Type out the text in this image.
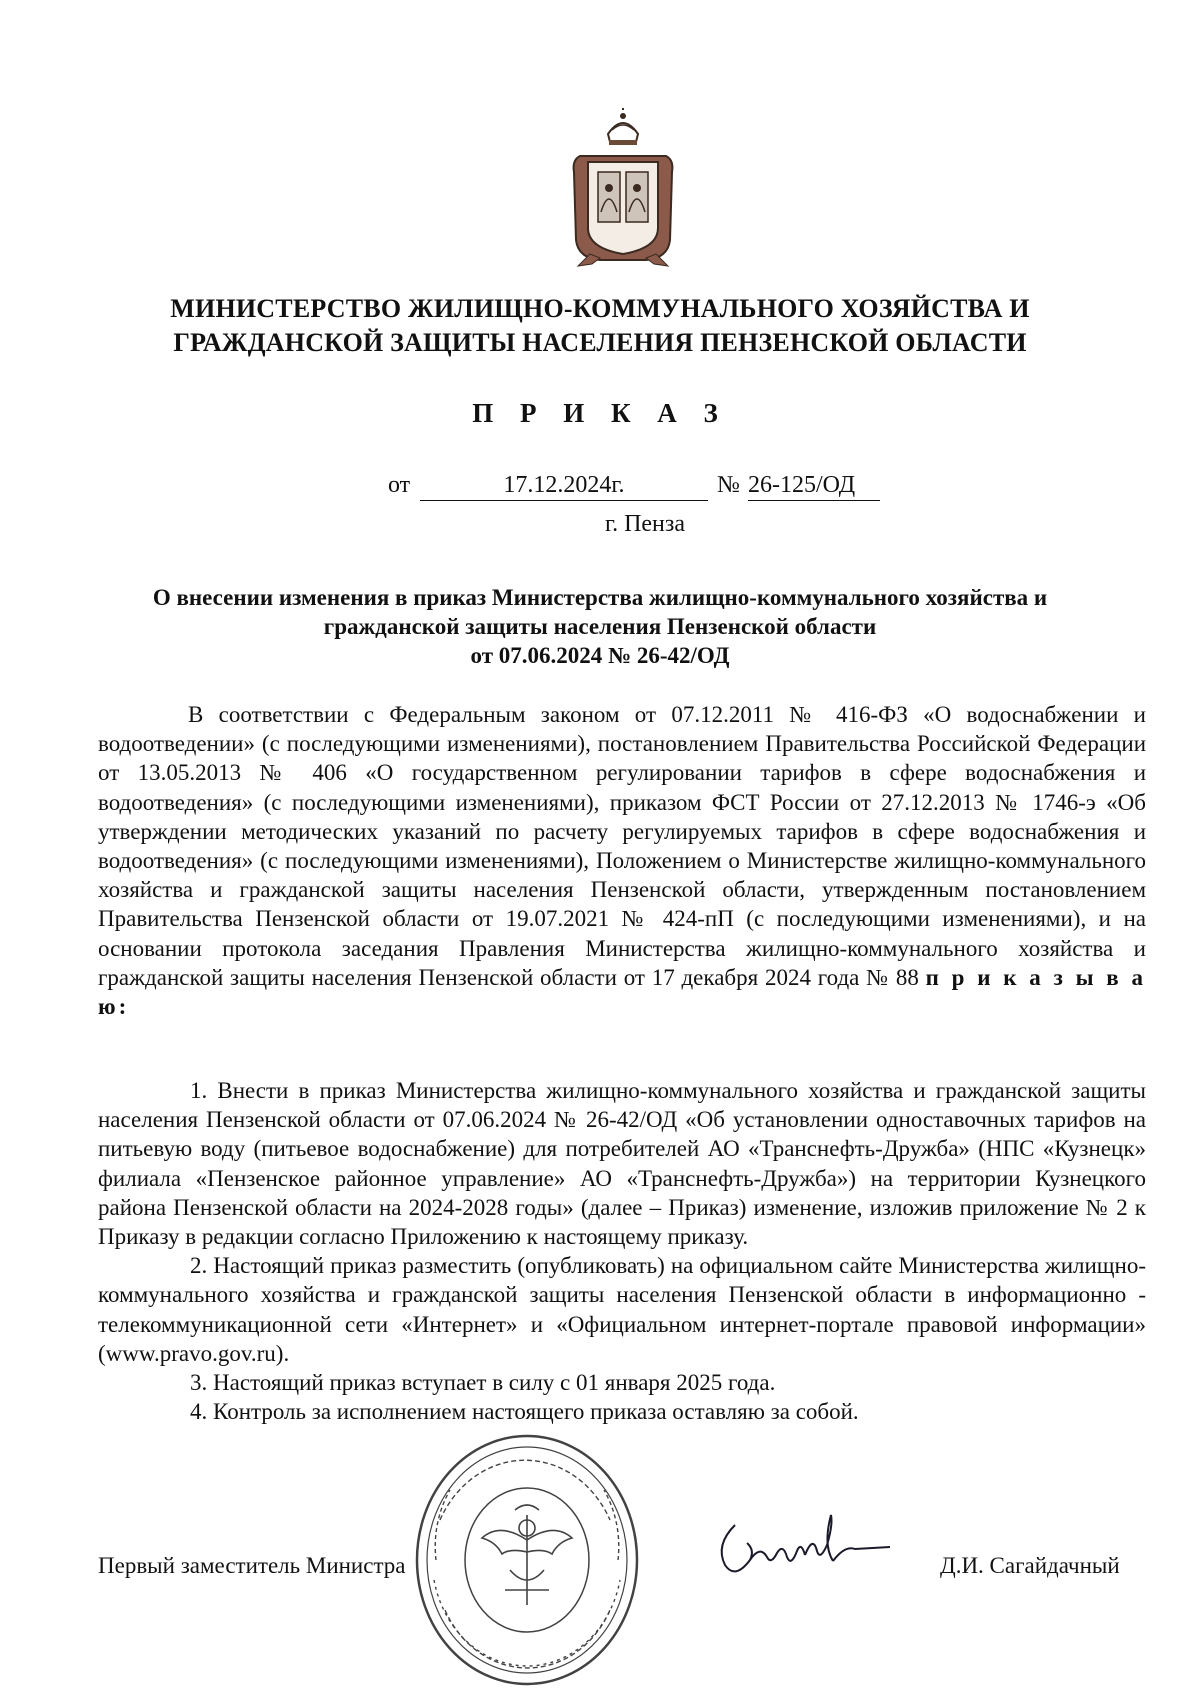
МИНИСТЕРСТВО ЖИЛИЩНО-КОММУНАЛЬНОГО ХОЗЯЙСТВА И
ГРАЖДАНСКОЙ ЗАЩИТЫ НАСЕЛЕНИЯ ПЕНЗЕНСКОЙ ОБЛАСТИ
П Р И К А З
от	17.12.2024г.	№ 26-125/ОД
г. Пенза
О внесении изменения в приказ Министерства жилищно-коммунального хозяйства и
гражданской защиты населения Пензенской области
от 07.06.2024 № 26-42/ОД
В соответствии с Федеральным законом от 07.12.2011 № 416-ФЗ «О водоснабжении и водоотведении» (с последующими изменениями), постановлением Правительства Российской Федерации от 13.05.2013 № 406 «О государственном регулировании тарифов в сфере водоснабжения и водоотведения» (с последующими изменениями), приказом ФСТ России от 27.12.2013 № 1746-э «Об утверждении методических указаний по расчету регулируемых тарифов в сфере водоснабжения и водоотведения» (с последующими изменениями), Положением о Министерстве жилищно-коммунального хозяйства и гражданской защиты населения Пензенской области, утвержденным постановлением Правительства Пензенской области от 19.07.2021 № 424-пП (с последующими изменениями), и на основании протокола заседания Правления Министерства жилищно-коммунального хозяйства и гражданской защиты населения Пензенской области от 17 декабря 2024 года № 88 п р и к а з ы в а ю:

1. Внести в приказ Министерства жилищно-коммунального хозяйства и гражданской защиты населения Пензенской области от 07.06.2024 № 26-42/ОД «Об установлении одноставочных тарифов на питьевую воду (питьевое водоснабжение) для потребителей АО «Транснефть-Дружба» (НПС «Кузнецк» филиала «Пензенское районное управление» АО «Транснефть-Дружба») на территории Кузнецкого района Пензенской области на 2024-2028 годы» (далее – Приказ) изменение, изложив приложение № 2 к Приказу в редакции согласно Приложению к настоящему приказу.

2. Настоящий приказ разместить (опубликовать) на официальном сайте Министерства жилищно-коммунального хозяйства и гражданской защиты населения Пензенской области в информационно - телекоммуникационной сети «Интернет» и «Официальном интернет-портале правовой информации» (www.pravo.gov.ru).

3. Настоящий приказ вступает в силу с 01 января 2025 года.

4. Контроль за исполнением настоящего приказа оставляю за собой.

Первый заместитель Министра	Д.И. Сагайдачный
